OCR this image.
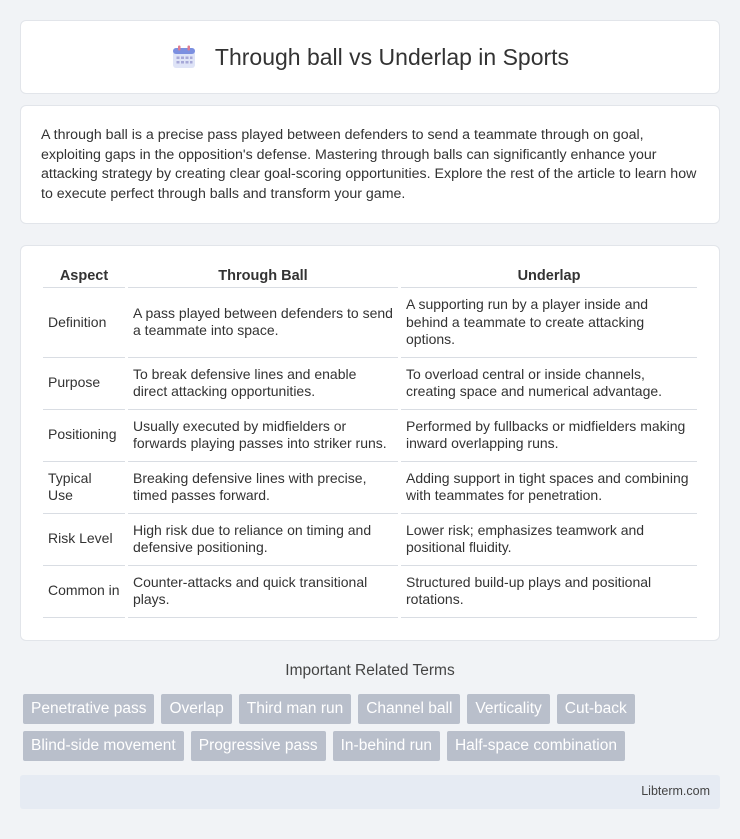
Through ball vs Underlap in Sports

A through ball is a precise pass played between defenders to send a teammate through on goal, exploiting gaps in the opposition's defense. Mastering through balls can significantly enhance your attacking strategy by creating clear goal-scoring opportunities. Explore the rest of the article to learn how to execute perfect through balls and transform your game.

Aspect	Through Ball	Underlap
Definition	A pass played between defenders to send a teammate into space.	A supporting run by a player inside and behind a teammate to create attacking options.
Purpose	To break defensive lines and enable direct attacking opportunities.	To overload central or inside channels, creating space and numerical advantage.
Positioning	Usually executed by midfielders or forwards playing passes into striker runs.	Performed by fullbacks or midfielders making inward overlapping runs.
Typical Use	Breaking defensive lines with precise, timed passes forward.	Adding support in tight spaces and combining with teammates for penetration.
Risk Level	High risk due to reliance on timing and defensive positioning.	Lower risk; emphasizes teamwork and positional fluidity.
Common in	Counter-attacks and quick transitional plays.	Structured build-up plays and positional rotations.
Important Related Terms
Penetrative pass	Overlap	Third man run	Channel ball	Verticality	Cut-back
Blind-side movement	Progressive pass	In-behind run	Half-space combination
Libterm.com
